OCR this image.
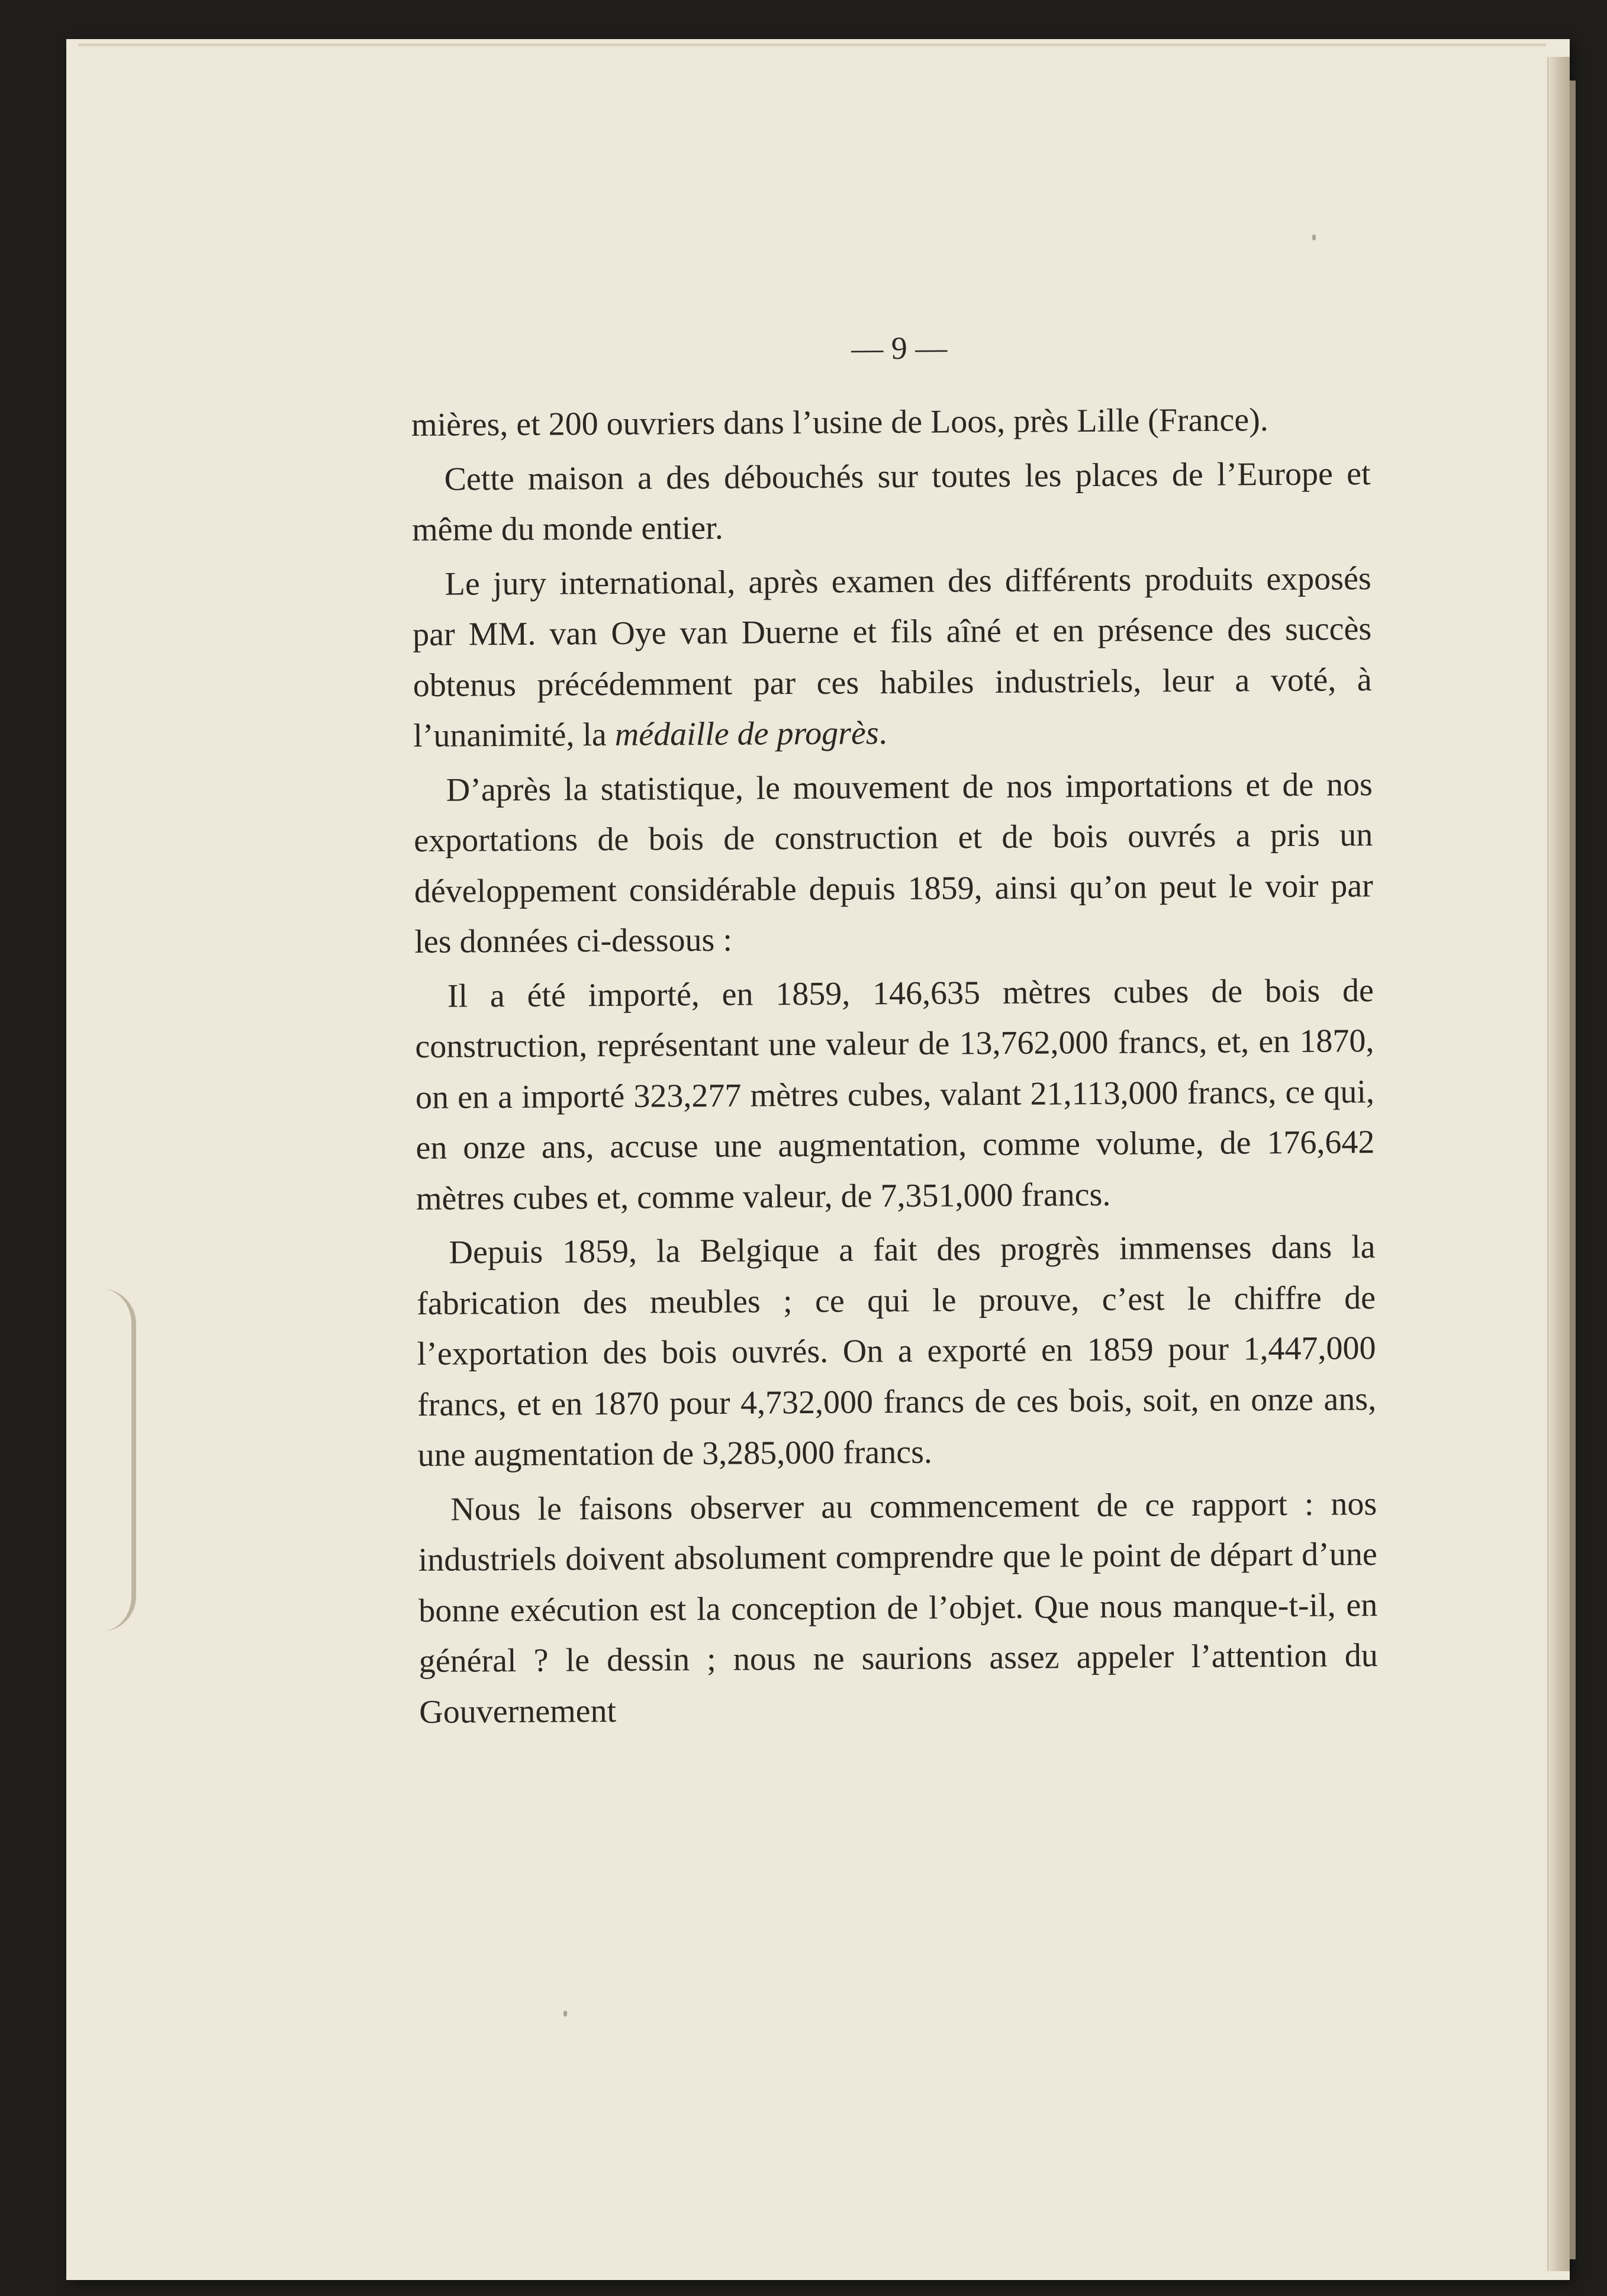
— 9 —

mières, et 200 ouvriers dans l’usine de Loos, près Lille (France).

Cette maison a des débouchés sur toutes les places de l’Europe et même du monde entier.

Le jury international, après examen des différents produits exposés par MM. van Oye van Duerne et fils aîné et en présence des succès obtenus précédemment par ces habiles industriels, leur a voté, à l’unanimité, la médaille de progrès.

D’après la statistique, le mouvement de nos importations et de nos exportations de bois de construction et de bois ouvrés a pris un développement considérable depuis 1859, ainsi qu’on peut le voir par les données ci-dessous :

Il a été importé, en 1859, 146,635 mètres cubes de bois de construction, représentant une valeur de 13,762,000 francs, et, en 1870, on en a importé 323,277 mètres cubes, valant 21,113,000 francs, ce qui, en onze ans, accuse une augmentation, comme volume, de 176,642 mètres cubes et, comme valeur, de 7,351,000 francs.

Depuis 1859, la Belgique a fait des progrès immenses dans la fabrication des meubles ; ce qui le prouve, c’est le chiffre de l’exportation des bois ouvrés. On a exporté en 1859 pour 1,447,000 francs, et en 1870 pour 4,732,000 francs de ces bois, soit, en onze ans, une augmentation de 3,285,000 francs.

Nous le faisons observer au commencement de ce rapport : nos industriels doivent absolument comprendre que le point de départ d’une bonne exécution est la conception de l’objet. Que nous manque-t-il, en général ? le dessin ; nous ne saurions assez appeler l’attention du Gouvernement
